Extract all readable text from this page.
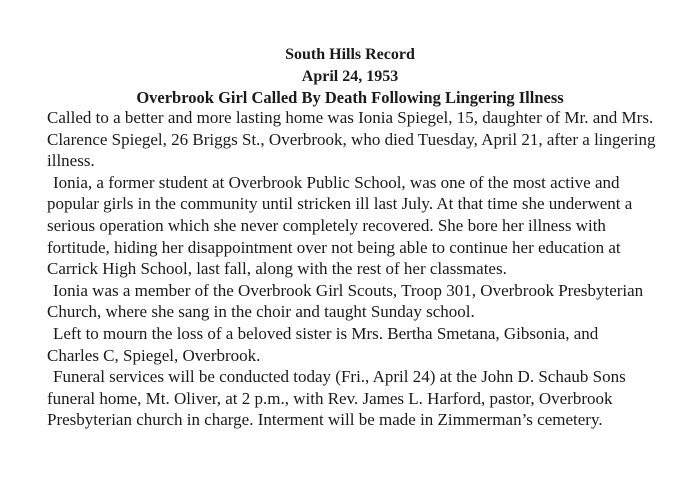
South Hills Record
April 24, 1953
Overbrook Girl Called By Death Following Lingering Illness
Called to a better and more lasting home was Ionia Spiegel, 15, daughter of Mr. and Mrs.
Clarence Spiegel, 26 Briggs St., Overbrook, who died Tuesday, April 21, after a lingering
illness.
Ionia, a former student at Overbrook Public School, was one of the most active and
popular girls in the community until stricken ill last July. At that time she underwent a
serious operation which she never completely recovered. She bore her illness with
fortitude, hiding her disappointment over not being able to continue her education at
Carrick High School, last fall, along with the rest of her classmates.
Ionia was a member of the Overbrook Girl Scouts, Troop 301, Overbrook Presbyterian
Church, where she sang in the choir and taught Sunday school.
Left to mourn the loss of a beloved sister is Mrs. Bertha Smetana, Gibsonia, and
Charles C, Spiegel, Overbrook.
Funeral services will be conducted today (Fri., April 24) at the John D. Schaub Sons
funeral home, Mt. Oliver, at 2 p.m., with Rev. James L. Harford, pastor, Overbrook
Presbyterian church in charge. Interment will be made in Zimmerman’s cemetery.
